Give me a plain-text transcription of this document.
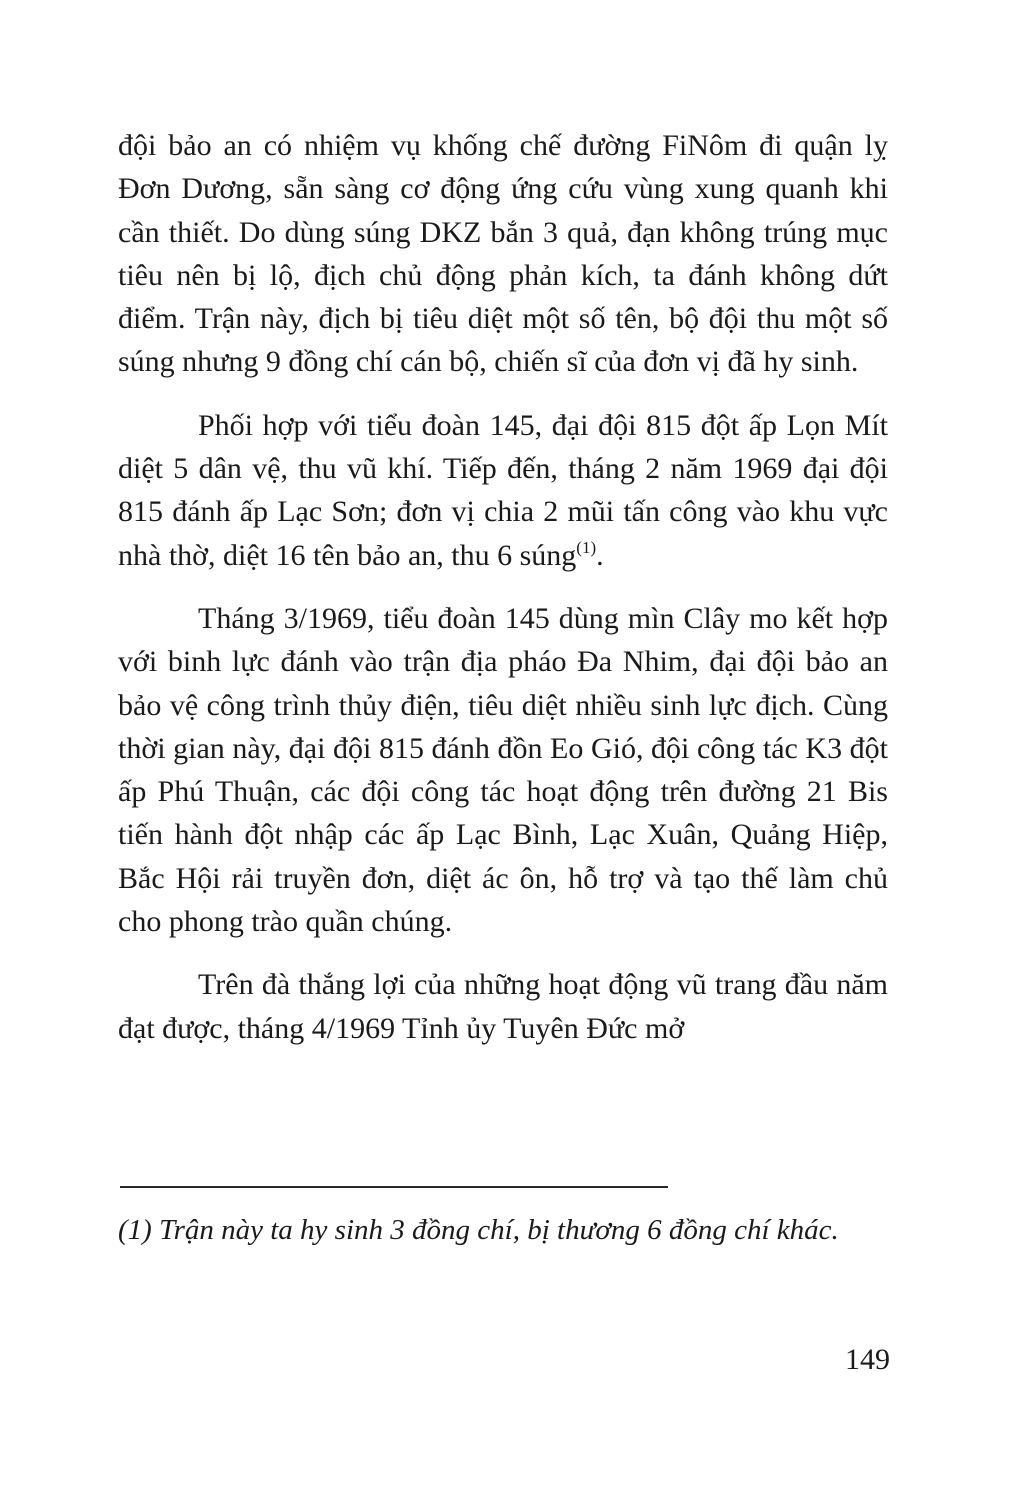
đội bảo an có nhiệm vụ khống chế đường FiNôm đi quận lỵ Đơn Dương, sẵn sàng cơ động ứng cứu vùng xung quanh khi cần thiết. Do dùng súng DKZ bắn 3 quả, đạn không trúng mục tiêu nên bị lộ, địch chủ động phản kích, ta đánh không dứt điểm. Trận này, địch bị tiêu diệt một số tên, bộ đội thu một số súng nhưng 9 đồng chí cán bộ, chiến sĩ của đơn vị đã hy sinh.

Phối hợp với tiểu đoàn 145, đại đội 815 đột ấp Lọn Mít diệt 5 dân vệ, thu vũ khí. Tiếp đến, tháng 2 năm 1969 đại đội 815 đánh ấp Lạc Sơn; đơn vị chia 2 mũi tấn công vào khu vực nhà thờ, diệt 16 tên bảo an, thu 6 súng$^{(1)}$.

Tháng 3/1969, tiểu đoàn 145 dùng mìn Clây mo kết hợp với binh lực đánh vào trận địa pháo Đa Nhim, đại đội bảo an bảo vệ công trình thủy điện, tiêu diệt nhiều sinh lực địch. Cùng thời gian này, đại đội 815 đánh đồn Eo Gió, đội công tác K3 đột ấp Phú Thuận, các đội công tác hoạt động trên đường 21 Bis tiến hành đột nhập các ấp Lạc Bình, Lạc Xuân, Quảng Hiệp, Bắc Hội rải truyền đơn, diệt ác ôn, hỗ trợ và tạo thế làm chủ cho phong trào quần chúng.

Trên đà thắng lợi của những hoạt động vũ trang đầu năm đạt được, tháng 4/1969 Tỉnh ủy Tuyên Đức mở

(1) Trận này ta hy sinh 3 đồng chí, bị thương 6 đồng chí khác.
149
